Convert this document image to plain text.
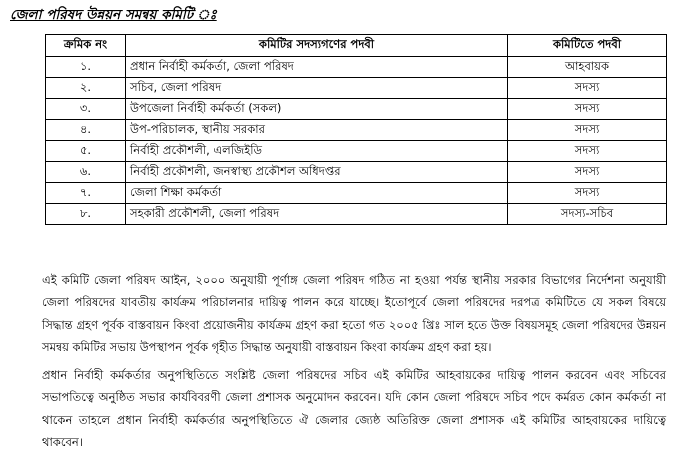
জেলা পরিষদ উন্নয়ন সমন্বয় কমিটি ঃ
ক্রমিক নং	কমিটির সদস্যগণের পদবী	কমিটিতে পদবী
১.	প্রধান নির্বাহী কর্মকর্তা, জেলা পরিষদ	আহবায়ক
২.	সচিব, জেলা পরিষদ	সদস্য
৩.	উপজেলা নির্বাহী কর্মকর্তা (সকল)	সদস্য
৪.	উপ-পরিচালক, স্থানীয় সরকার	সদস্য
৫.	নির্বাহী প্রকৌশলী, এলজিইডি	সদস্য
৬.	নির্বাহী প্রকৌশলী, জনস্বাস্থ্য প্রকৌশল অধিদপ্তর	সদস্য
৭.	জেলা শিক্ষা কর্মকর্তা	সদস্য
৮.	সহকারী প্রকৌশলী, জেলা পরিষদ	সদস্য-সচিব

এই কমিটি জেলা পরিষদ আইন, ২০০০ অনুযায়ী পূর্ণাঙ্গ জেলা পরিষদ গঠিত না হওয়া পর্যন্ত স্থানীয় সরকার বিভাগের নির্দেশনা অনুযায়ী জেলা পরিষদের যাবতীয় কার্যক্রম পরিচালনার দায়িত্ব পালন করে যাচ্ছে। ইতোপূর্বে জেলা পরিষদের দরপত্র কমিটিতে যে সকল বিষয়ে সিদ্ধান্ত গ্রহণ পূর্বক বাস্তবায়ন কিংবা প্রয়োজনীয় কার্যক্রম গ্রহণ করা হতো গত ২০০৫ খ্রিঃ সাল হতে উক্ত বিষয়সমূহ জেলা পরিষদের উন্নয়ন সমন্বয় কমিটির সভায় উপস্থাপন পূর্বক গৃহীত সিদ্ধান্ত অনুযায়ী বাস্তবায়ন কিংবা কার্যক্রম গ্রহণ করা হয়।

প্রধান নির্বাহী কর্মকর্তার অনুপস্থিতিতে সংশ্লিষ্ট জেলা পরিষদের সচিব এই কমিটির আহবায়কের দায়িত্ব পালন করবেন এবং সচিবের সভাপতিত্বে অনুষ্ঠিত সভার কার্যবিবরণী জেলা প্রশাসক অনুমোদন করবেন। যদি কোন জেলা পরিষদে সচিব পদে কর্মরত কোন কর্মকর্তা না থাকেন তাহলে প্রধান নির্বাহী কর্মকর্তার অনুপস্থিতিতে ঐ জেলার জ্যেষ্ঠ অতিরিক্ত জেলা প্রশাসক এই কমিটির আহবায়কের দায়িত্বে থাকবেন।
